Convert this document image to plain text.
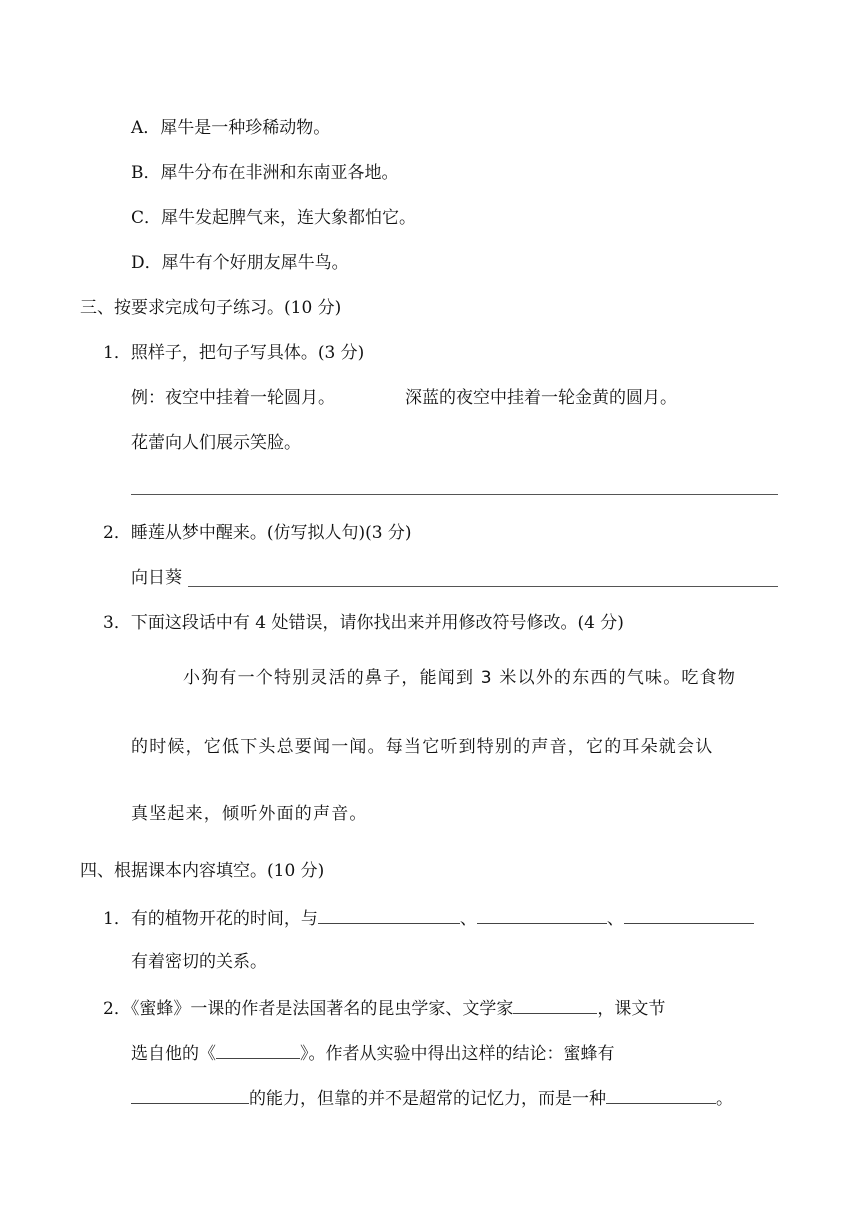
A．犀牛是一种珍稀动物。
B．犀牛分布在非洲和东南亚各地。
C．犀牛发起脾气来，连大象都怕它。
D．犀牛有个好朋友犀牛鸟。
三、按要求完成句子练习。(10 分)
1．照样子，把句子写具体。(3 分)
例：夜空中挂着一轮圆月。	深蓝的夜空中挂着一轮金黄的圆月。
花蕾向人们展示笑脸。
2．睡莲从梦中醒来。(仿写拟人句)(3 分)
向日葵
3．下面这段话中有 4 处错误，请你找出来并用修改符号修改。(4 分)
小狗有一个特别灵活的鼻子，能闻到 3 米以外的东西的气味。吃食物
的时候，它低下头总要闻一闻。每当它听到特别的声音，它的耳朵就会认
真坚起来，倾听外面的声音。
四、根据课本内容填空。(10 分)
1．有的植物开花的时间，与	、	、
有着密切的关系。
2．《蜜蜂》一课的作者是法国著名的昆虫学家、文学家	，课文节
选自他的《	》。作者从实验中得出这样的结论：蜜蜂有
的能力，但靠的并不是超常的记忆力，而是一种	。
